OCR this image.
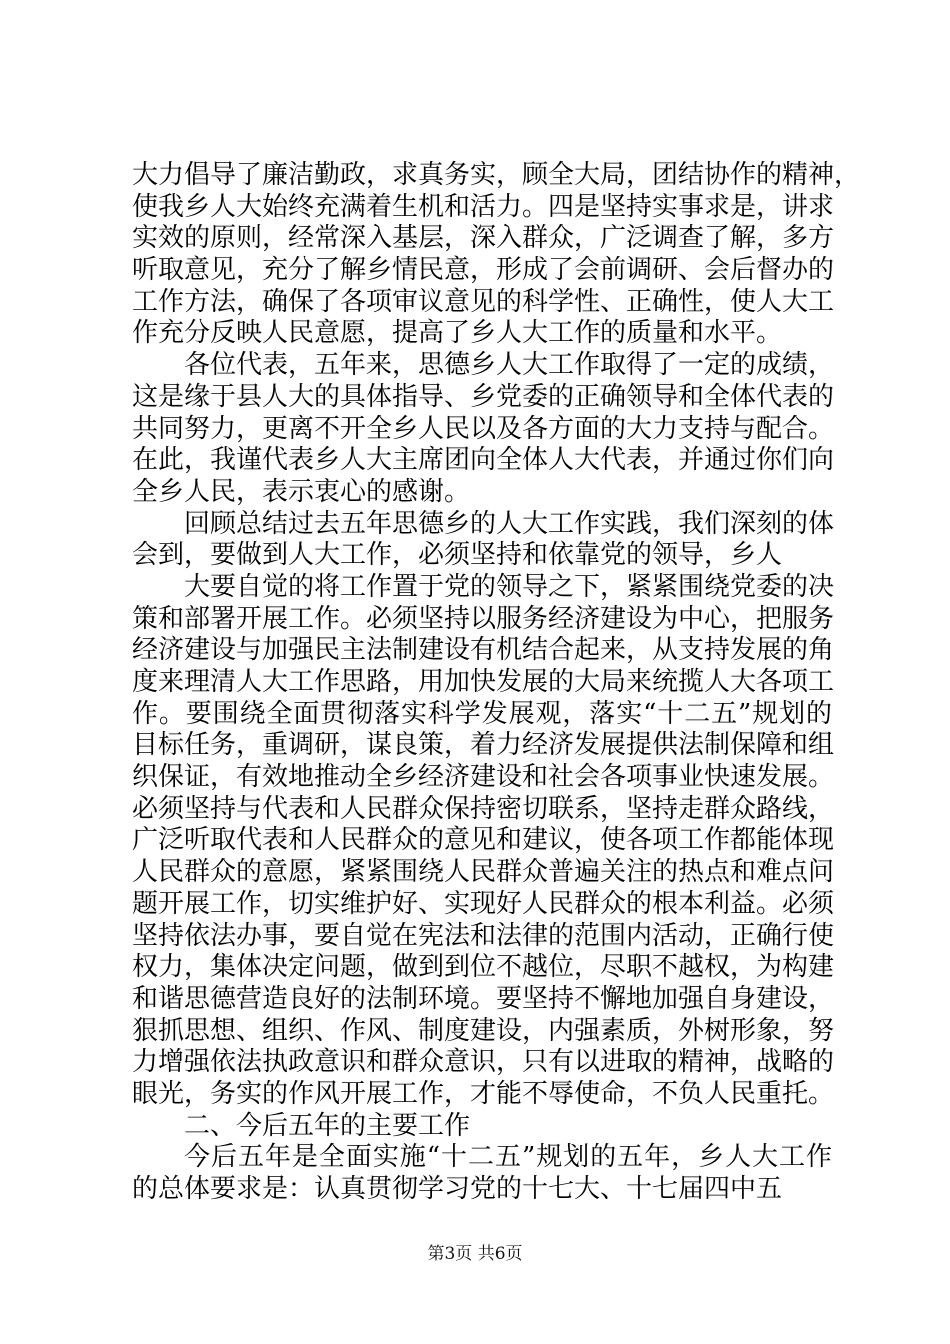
大力倡导了廉洁勤政，求真务实，顾全大局，团结协作的精神，
使我乡人大始终充满着生机和活力。四是坚持实事求是，讲求
实效的原则，经常深入基层，深入群众，广泛调查了解，多方
听取意见，充分了解乡情民意，形成了会前调研、会后督办的
工作方法，确保了各项审议意见的科学性、正确性，使人大工
作充分反映人民意愿，提高了乡人大工作的质量和水平。
各位代表，五年来，思德乡人大工作取得了一定的成绩，
这是缘于县人大的具体指导、乡党委的正确领导和全体代表的
共同努力，更离不开全乡人民以及各方面的大力支持与配合。
在此，我谨代表乡人大主席团向全体人大代表，并通过你们向
全乡人民，表示衷心的感谢。
回顾总结过去五年思德乡的人大工作实践，我们深刻的体
会到，要做到人大工作，必须坚持和依靠党的领导，乡人
大要自觉的将工作置于党的领导之下，紧紧围绕党委的决
策和部署开展工作。必须坚持以服务经济建设为中心，把服务
经济建设与加强民主法制建设有机结合起来，从支持发展的角
度来理清人大工作思路，用加快发展的大局来统揽人大各项工
作。要围绕全面贯彻落实科学发展观，落实“十二五”规划的
目标任务，重调研，谋良策，着力经济发展提供法制保障和组
织保证，有效地推动全乡经济建设和社会各项事业快速发展。
必须坚持与代表和人民群众保持密切联系，坚持走群众路线，
广泛听取代表和人民群众的意见和建议，使各项工作都能体现
人民群众的意愿，紧紧围绕人民群众普遍关注的热点和难点问
题开展工作，切实维护好、实现好人民群众的根本利益。必须
坚持依法办事，要自觉在宪法和法律的范围内活动，正确行使
权力，集体决定问题，做到到位不越位，尽职不越权，为构建
和谐思德营造良好的法制环境。要坚持不懈地加强自身建设，
狠抓思想、组织、作风、制度建设，内强素质，外树形象，努
力增强依法执政意识和群众意识，只有以进取的精神，战略的
眼光，务实的作风开展工作，才能不辱使命，不负人民重托。
二、今后五年的主要工作
今后五年是全面实施“十二五”规划的五年，乡人大工作
的总体要求是：认真贯彻学习党的十七大、十七届四中五
第3页 共6页
